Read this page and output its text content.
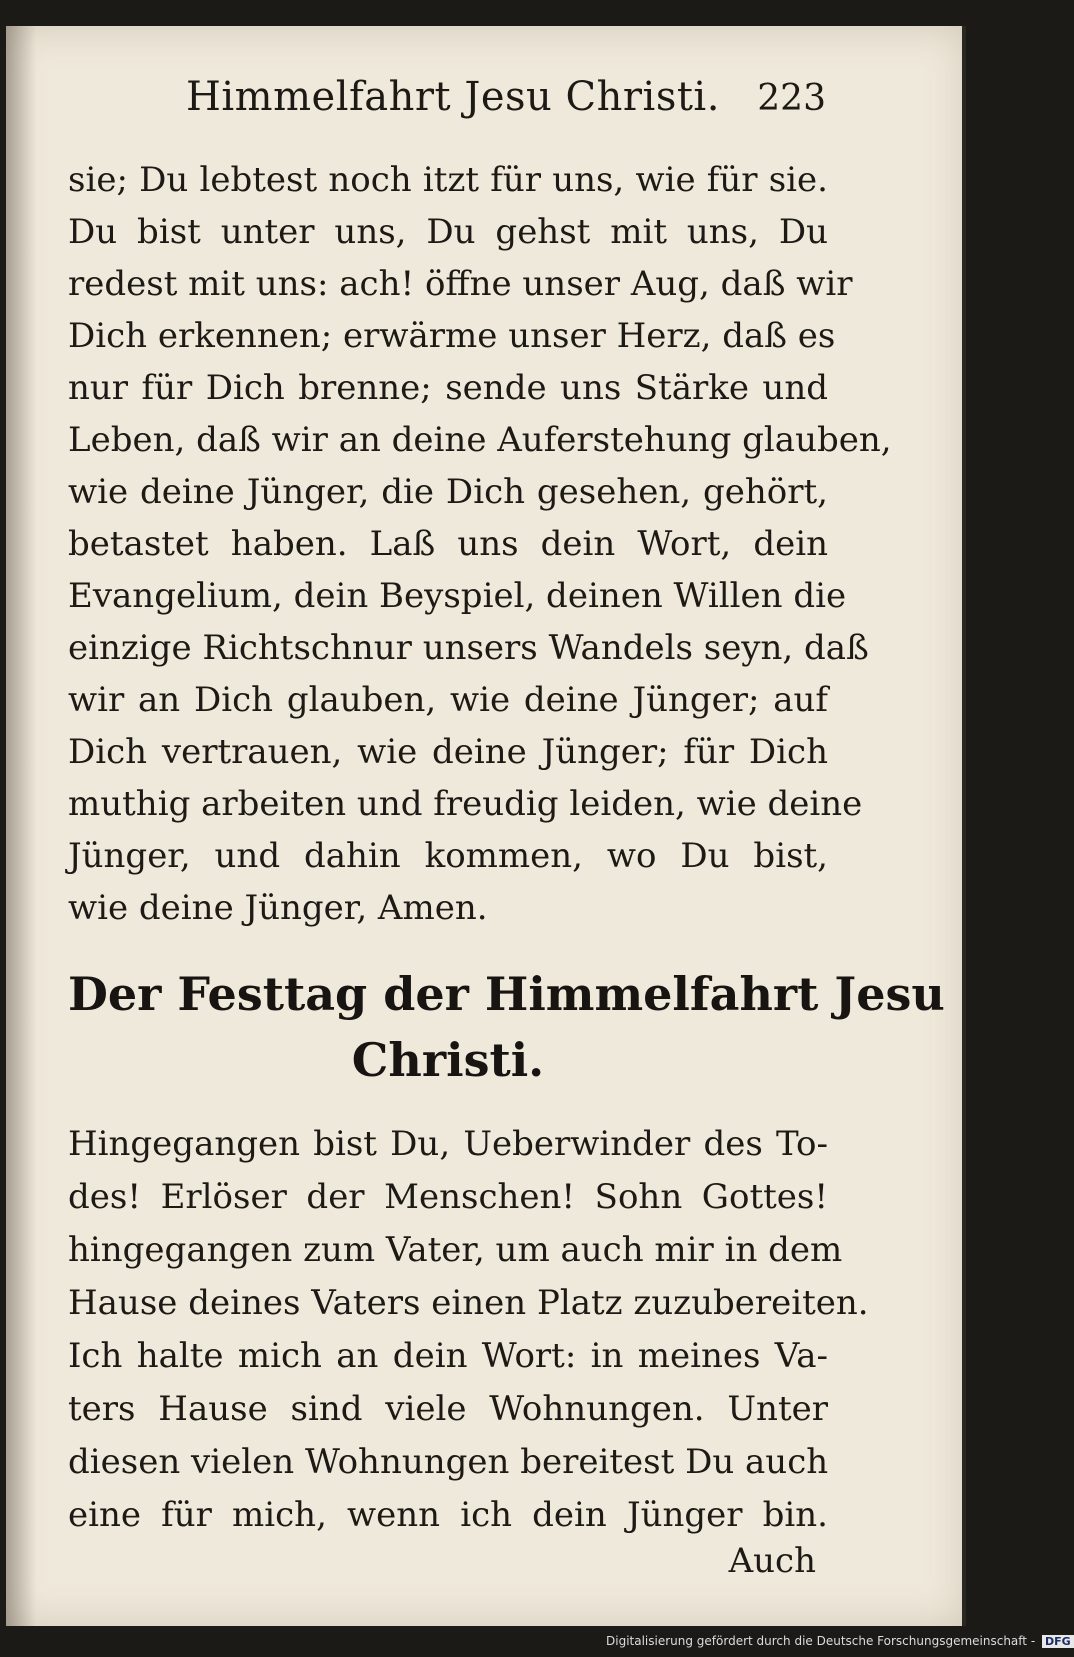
Himmelfahrt Jesu Christi. 223
sie; Du lebtest noch itzt für uns, wie für sie.
Du bist unter uns, Du gehst mit uns, Du
redest mit uns: ach! öffne unser Aug, daß wir
Dich erkennen; erwärme unser Herz, daß es
nur für Dich brenne; sende uns Stärke und
Leben, daß wir an deine Auferstehung glauben,
wie deine Jünger, die Dich gesehen, gehört,
betastet haben. Laß uns dein Wort, dein
Evangelium, dein Beyspiel, deinen Willen die
einzige Richtschnur unsers Wandels seyn, daß
wir an Dich glauben, wie deine Jünger; auf
Dich vertrauen, wie deine Jünger; für Dich
muthig arbeiten und freudig leiden, wie deine
Jünger, und dahin kommen, wo Du bist,
wie deine Jünger, Amen.
Der Festtag der Himmelfahrt Jesu
Christi.
Hingegangen bist Du, Ueberwinder des To-
des! Erlöser der Menschen! Sohn Gottes!
hingegangen zum Vater, um auch mir in dem
Hause deines Vaters einen Platz zuzubereiten.
Ich halte mich an dein Wort: in meines Va-
ters Hause sind viele Wohnungen. Unter
diesen vielen Wohnungen bereitest Du auch
eine für mich, wenn ich dein Jünger bin.
Auch
Digitalisierung gefördert durch die Deutsche Forschungsgemeinschaft - DFG
